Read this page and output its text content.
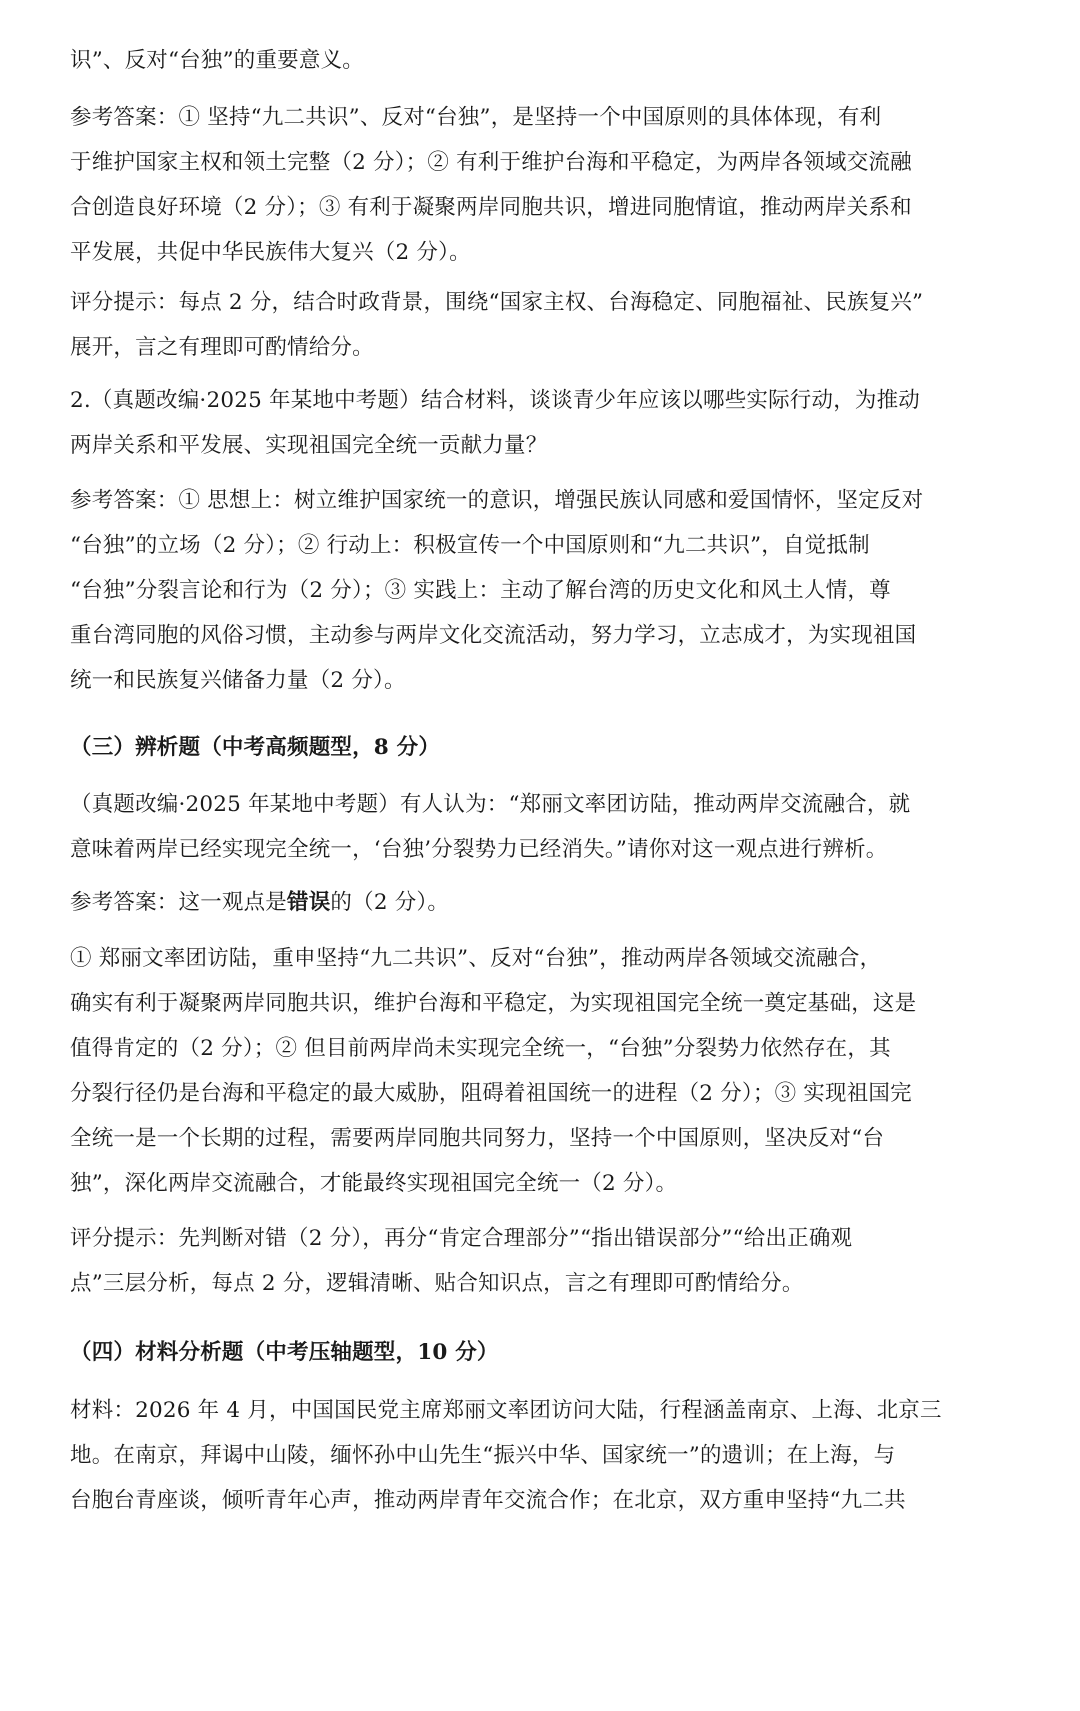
识”、反对“台独”的重要意义。
参考答案：① 坚持“九二共识”、反对“台独”，是坚持一个中国原则的具体体现，有利
于维护国家主权和领土完整（2 分）；② 有利于维护台海和平稳定，为两岸各领域交流融
合创造良好环境（2 分）；③ 有利于凝聚两岸同胞共识，增进同胞情谊，推动两岸关系和
平发展，共促中华民族伟大复兴（2 分）。
评分提示：每点 2 分，结合时政背景，围绕“国家主权、台海稳定、同胞福祉、民族复兴”
展开，言之有理即可酌情给分。
2.（真题改编·2025 年某地中考题）结合材料，谈谈青少年应该以哪些实际行动，为推动
两岸关系和平发展、实现祖国完全统一贡献力量？
参考答案：① 思想上：树立维护国家统一的意识，增强民族认同感和爱国情怀，坚定反对
“台独”的立场（2 分）；② 行动上：积极宣传一个中国原则和“九二共识”，自觉抵制
“台独”分裂言论和行为（2 分）；③ 实践上：主动了解台湾的历史文化和风土人情，尊
重台湾同胞的风俗习惯，主动参与两岸文化交流活动，努力学习，立志成才，为实现祖国
统一和民族复兴储备力量（2 分）。
（三）辨析题（中考高频题型，8 分）
（真题改编·2025 年某地中考题）有人认为：“郑丽文率团访陆，推动两岸交流融合，就
意味着两岸已经实现完全统一，‘台独’分裂势力已经消失。”请你对这一观点进行辨析。
参考答案：这一观点是错误的（2 分）。
① 郑丽文率团访陆，重申坚持“九二共识”、反对“台独”，推动两岸各领域交流融合，
确实有利于凝聚两岸同胞共识，维护台海和平稳定，为实现祖国完全统一奠定基础，这是
值得肯定的（2 分）；② 但目前两岸尚未实现完全统一，“台独”分裂势力依然存在，其
分裂行径仍是台海和平稳定的最大威胁，阻碍着祖国统一的进程（2 分）；③ 实现祖国完
全统一是一个长期的过程，需要两岸同胞共同努力，坚持一个中国原则，坚决反对“台
独”，深化两岸交流融合，才能最终实现祖国完全统一（2 分）。
评分提示：先判断对错（2 分），再分“肯定合理部分”“指出错误部分”“给出正确观
点”三层分析，每点 2 分，逻辑清晰、贴合知识点，言之有理即可酌情给分。
（四）材料分析题（中考压轴题型，10 分）
材料：2026 年 4 月，中国国民党主席郑丽文率团访问大陆，行程涵盖南京、上海、北京三
地。在南京，拜谒中山陵，缅怀孙中山先生“振兴中华、国家统一”的遗训；在上海，与
台胞台青座谈，倾听青年心声，推动两岸青年交流合作；在北京，双方重申坚持“九二共
